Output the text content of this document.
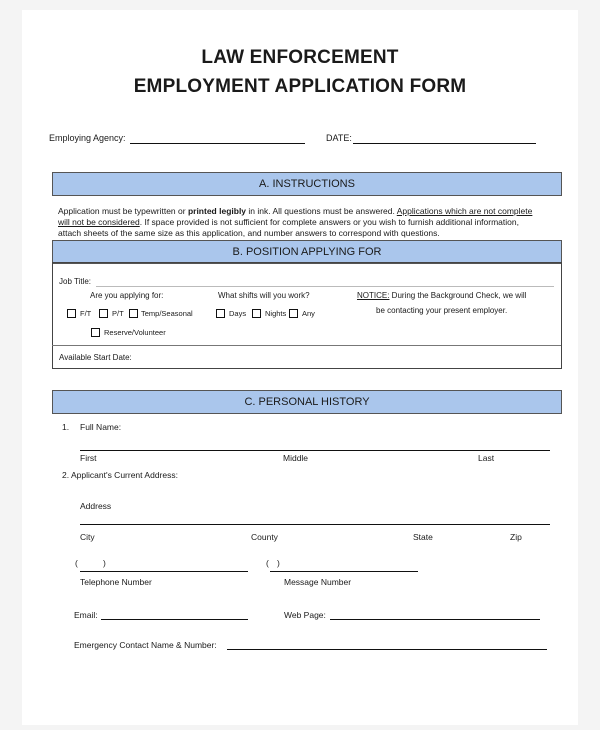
LAW ENFORCEMENT
EMPLOYMENT APPLICATION FORM
Employing Agency:	DATE:
A. INSTRUCTIONS
Application must be typewritten or printed legibly in ink. All questions must be answered. Applications which are not complete
will not be considered. If space provided is not sufficient for complete answers or you wish to furnish additional information,
attach sheets of the same size as this application, and number answers to correspond with questions.
B. POSITION APPLYING FOR
Job Title:
Are you applying for:
F/T	P/T Temp/Seasonal
Reserve/Volunteer
What shifts will you work?
Days	Nights Any
NOTICE: During the Background Check, we will
be contacting your present employer.
Available Start Date:
C. PERSONAL HISTORY
1. Full Name:
First	Middle	Last
2. Applicant's Current Address:
Address
City	County	State	Zip
(	)
Telephone Number
( )
Message Number
Email:	Web Page:
Emergency Contact Name & Number:
